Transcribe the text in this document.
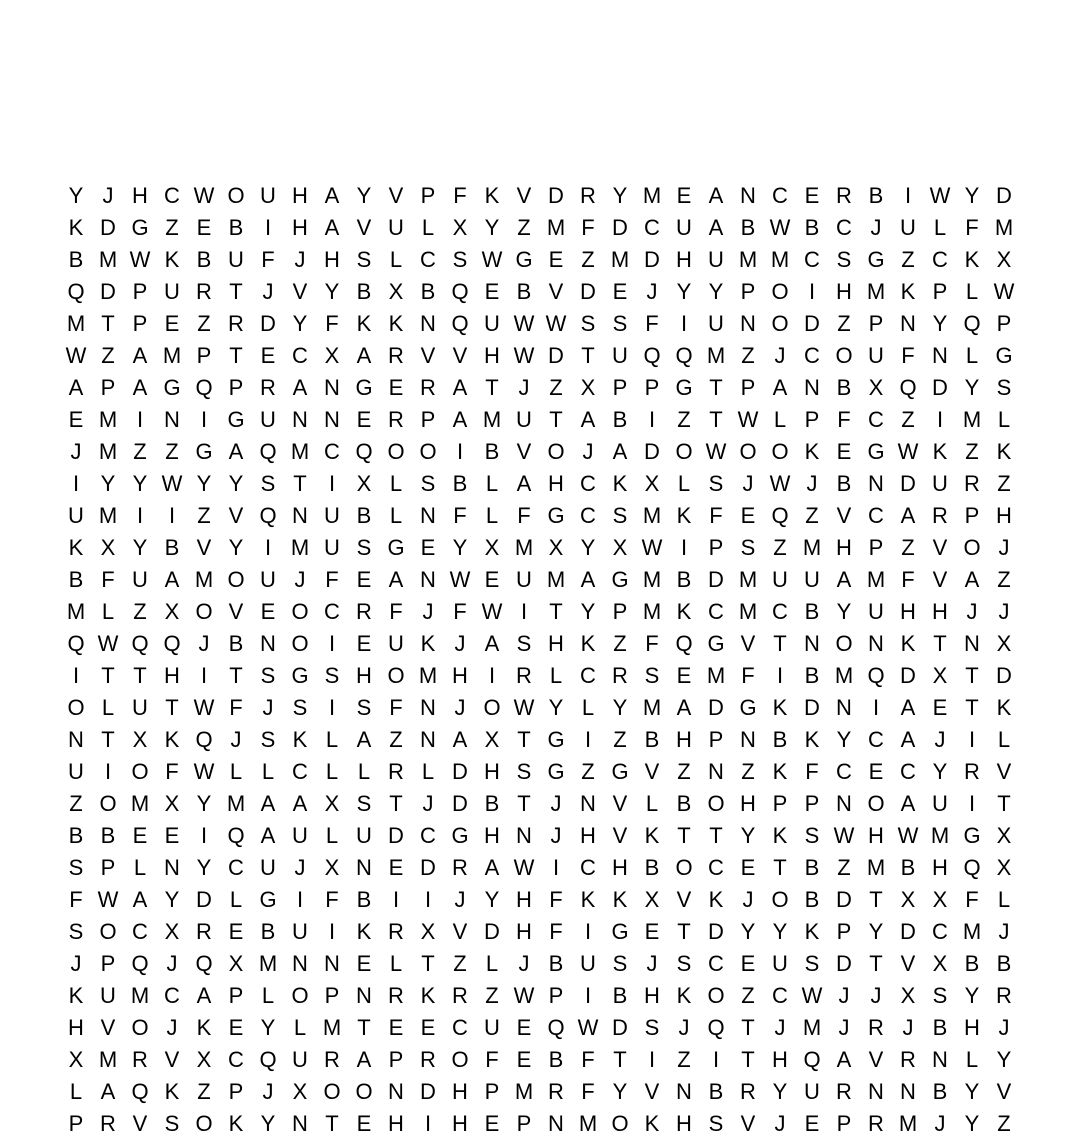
Y J H C W O U H A Y V P F K V D R Y M E A N C E R B I W Y D
K D G Z E B I H A V U L X Y Z M F D C U A B W B C J U L F M
B M W K B U F J H S L C S W G E Z M D H U M M C S G Z C K X
Q D P U R T J V Y B X B Q E B V D E J Y Y P O I H M K P L W
M T P E Z R D Y F K K N Q U W W S S F	I U N O D Z P N Y Q P
W Z A M P T E C X A R V V H W D T U Q Q M Z J C O U F N L G
A P A G Q P R A N G E R A T J Z X P P G T P A N B X Q D Y S
E M I N I G U N N E R P A M U T A B I	Z T W L P F C Z	I M L
J M Z Z G A Q M C Q O O I B V O J A D O W O O K E G W K Z K
I Y Y W Y Y S T	I X L S B L A H C K X L S J W J B N D U R Z
U M I	I	Z V Q N U B L N F L F G C S M K F E Q Z V C A R P H
K X Y B V Y I M U S G E Y X M X Y X W I P S Z M H P Z V O J
B F U A M O U J F E A N W E U M A G M B D M U U A M F V A Z
M L Z X O V E O C R F J F W I	T Y P M K C M C B Y U H H J J
Q W Q Q J B N O I E U K J A S H K Z F Q G V T N O N K T N X
I	T T H I	T S G S H O M H I R L C R S E M F	I B M Q D X T D
O L U T W F J S I S F N J O W Y L Y M A D G K D N I A E T K
N T X K Q J S K L A Z N A X T G I	Z B H P N B K Y C A J	I	L
U I O F W L L C L L R L D H S G Z G V Z N Z K F C E C Y R V
Z O M X Y M A A X S T J D B T J N V L B O H P P N O A U I	T
B B E E I Q A U L U D C G H N J H V K T T Y K S W H W M G X
S P L N Y C U J X N E D R A W I C H B O C E T B Z M B H Q X
F W A Y D L G I	F B I	I	J Y H F K K X V K J O B D T X X F L
S O C X R E B U I K R X V D H F	I G E T D Y Y K P Y D C M J
J P Q J Q X M N N E L T Z L J B U S J S C E U S D T V X B B
K U M C A P L O P N R K R Z W P I B H K O Z C W J J X S Y R
H V O J K E Y L M T E E C U E Q W D S J Q T J M J R J B H J
X M R V X C Q U R A P R O F E B F T	I	Z	I	T H Q A V R N L Y
L A Q K Z P J X O O N D H P M R F Y V N B R Y U R N N B Y V
P R V S O K Y N T E H I H E P N M O K H S V J E P R M J Y Z
